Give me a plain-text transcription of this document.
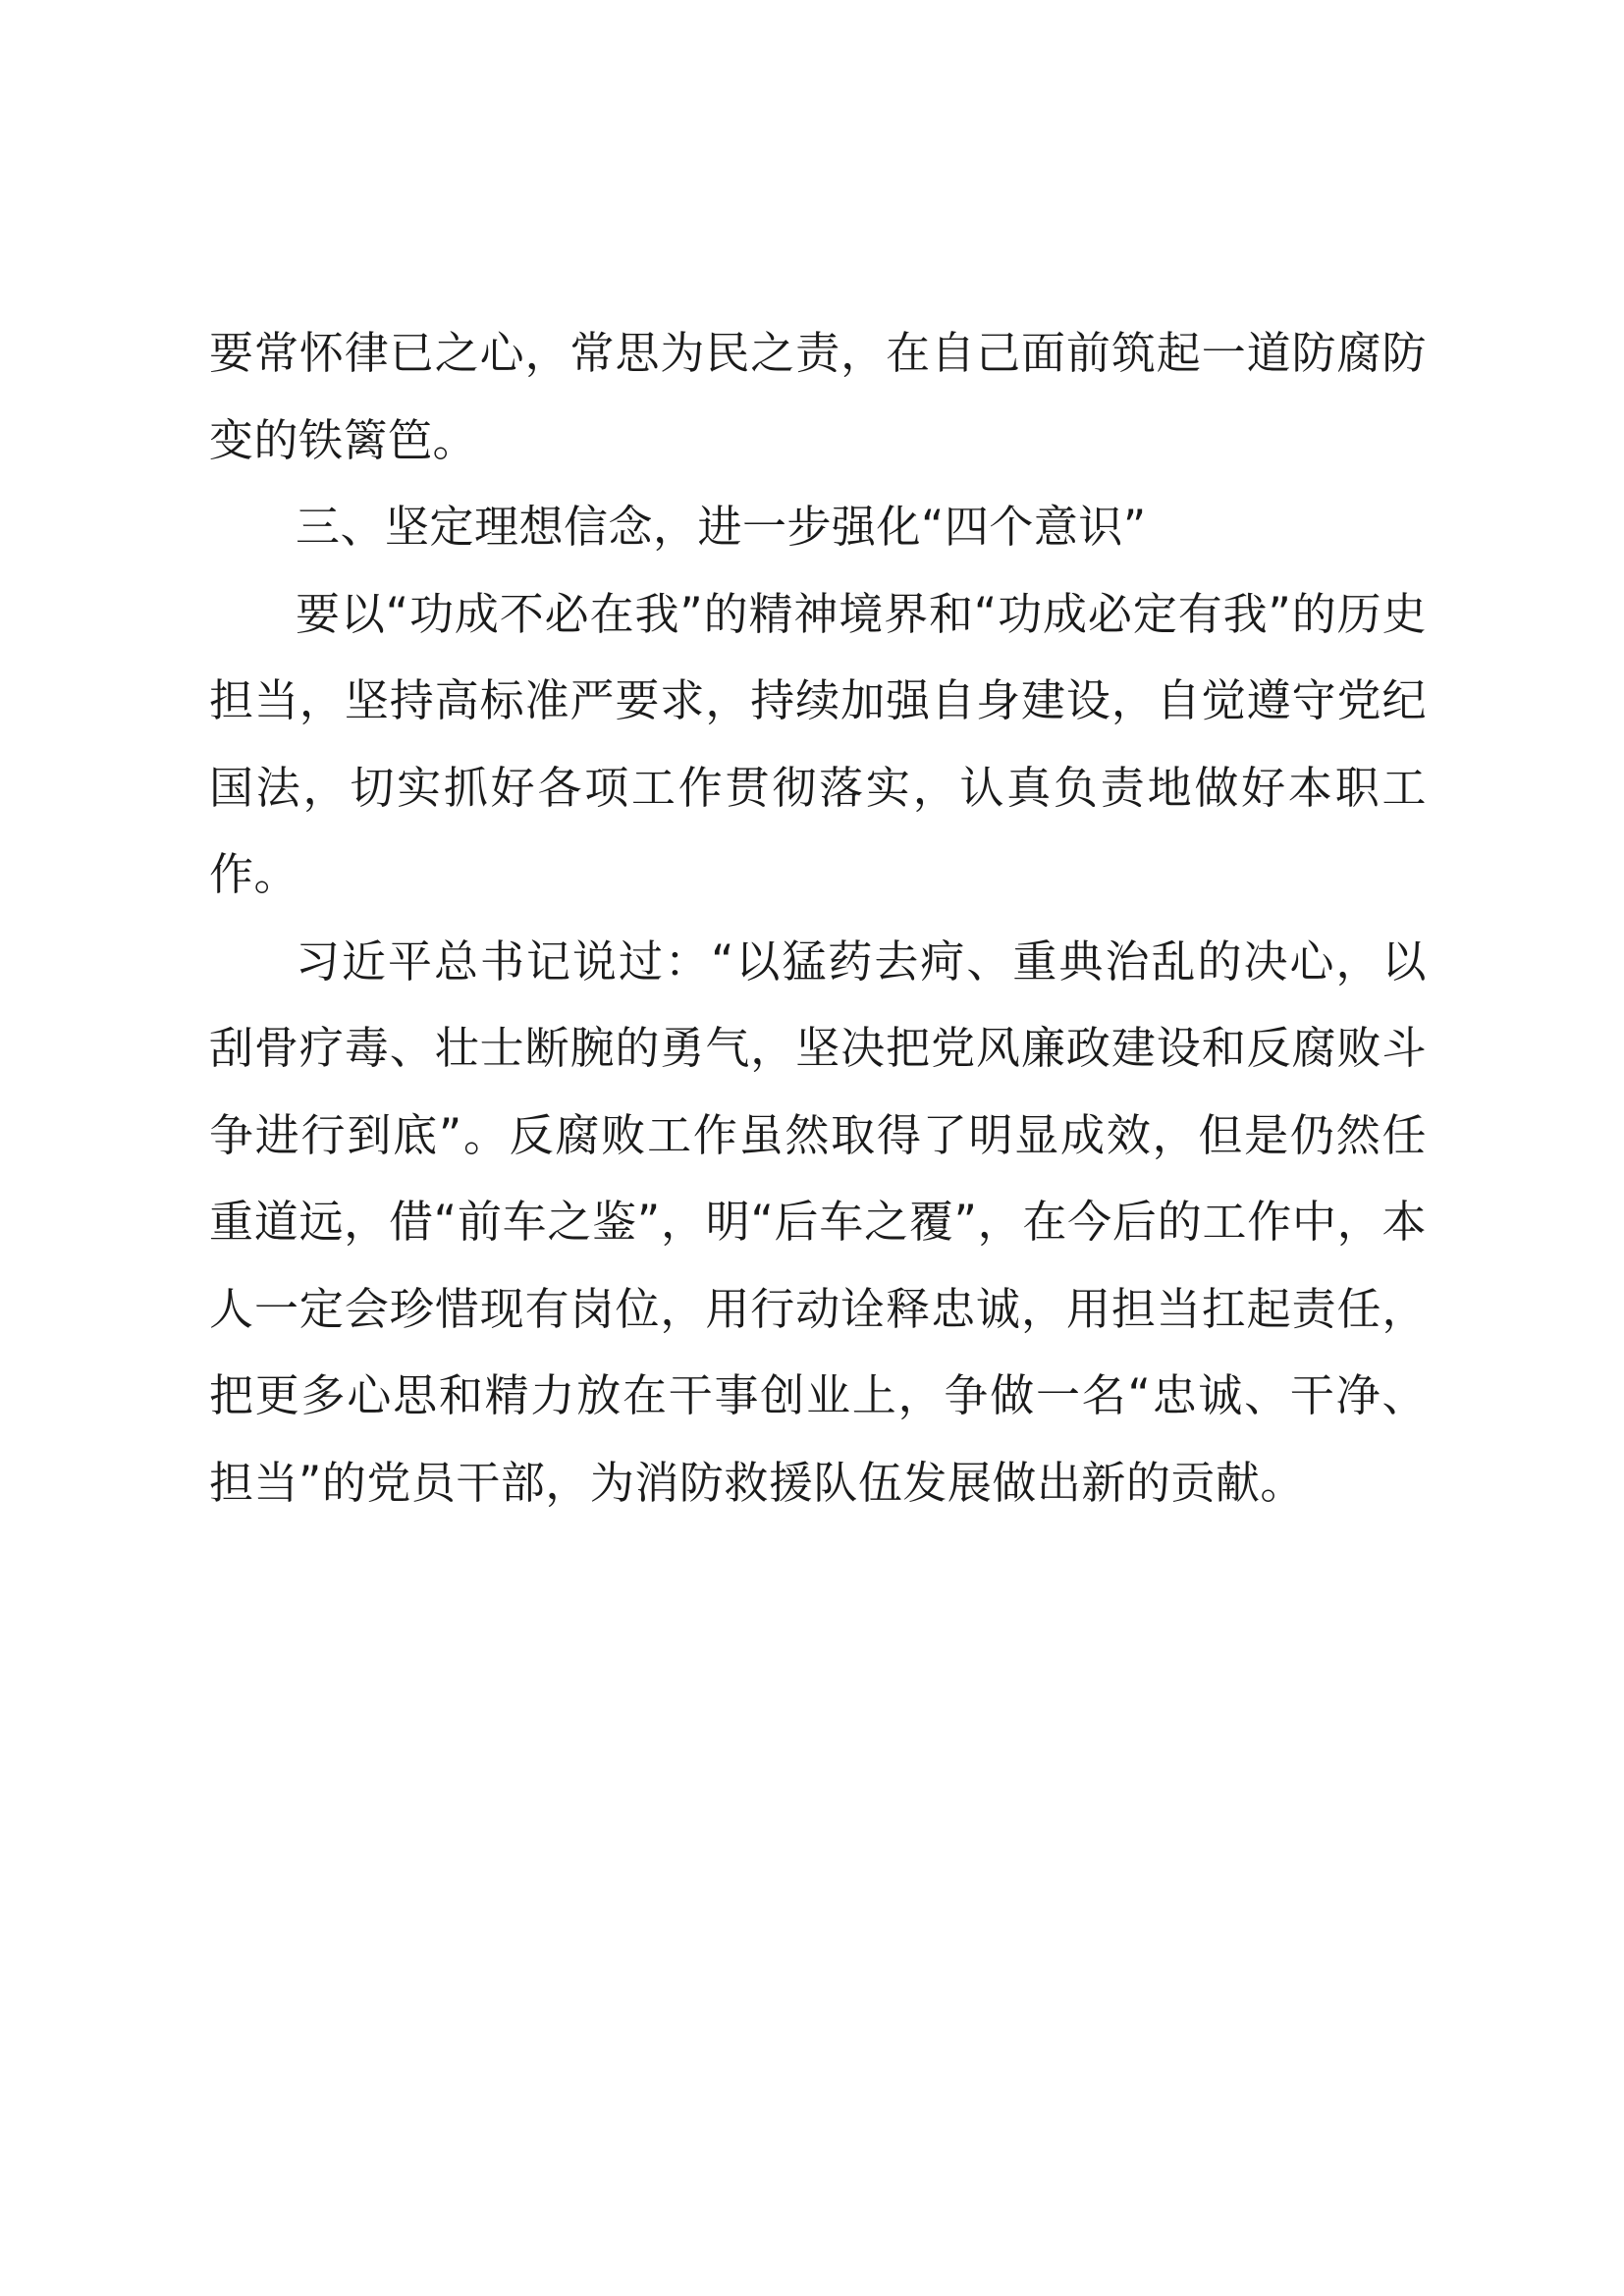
要常怀律已之心，常思为民之责，在自己面前筑起一道防腐防变的铁篱笆。

三、坚定理想信念，进一步强化“四个意识”

要以“功成不必在我”的精神境界和“功成必定有我”的历史担当，坚持高标准严要求，持续加强自身建设，自觉遵守党纪国法，切实抓好各项工作贯彻落实，认真负责地做好本职工作。

习近平总书记说过：“以猛药去疴、重典治乱的决心，以刮骨疗毒、壮士断腕的勇气，坚决把党风廉政建设和反腐败斗争进行到底”。反腐败工作虽然取得了明显成效，但是仍然任重道远，借“前车之鉴”，明“后车之覆”，在今后的工作中，本人一定会珍惜现有岗位，用行动诠释忠诚，用担当扛起责任，把更多心思和精力放在干事创业上，争做一名“忠诚、干净、担当”的党员干部，为消防救援队伍发展做出新的贡献。
